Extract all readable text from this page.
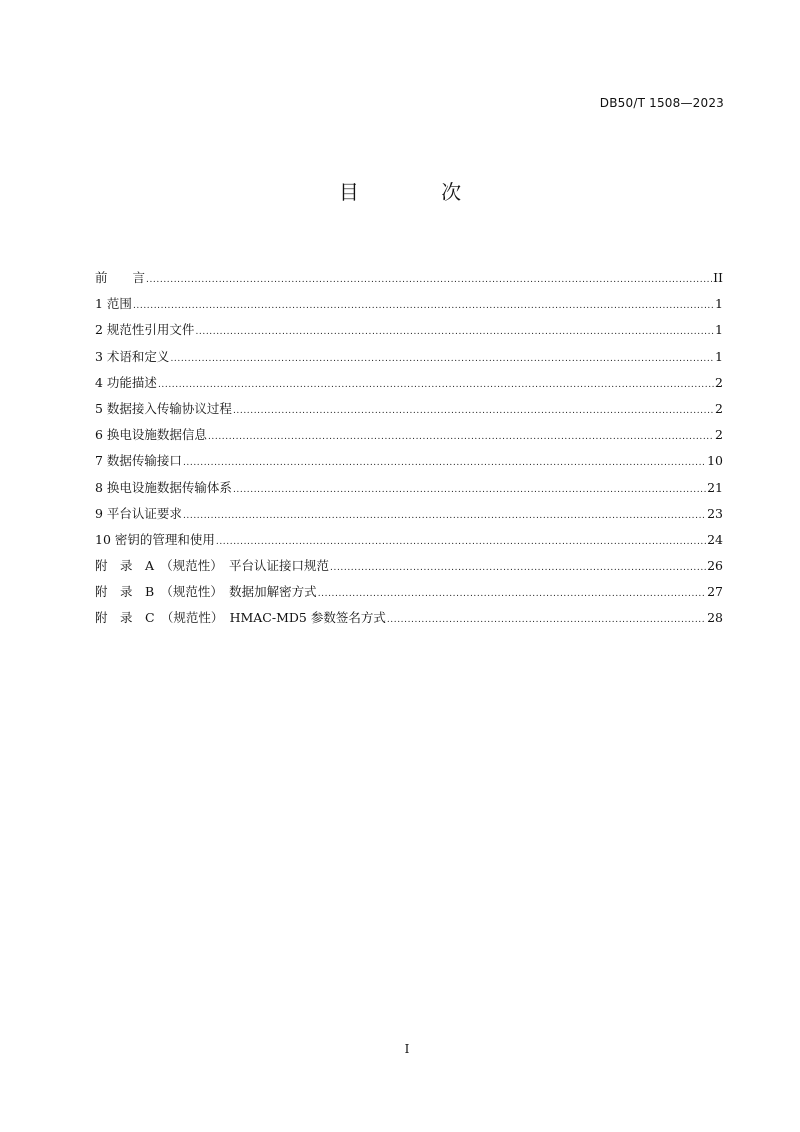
DB50/T 1508—2023
目 次
前　　言 .....	II
1 范围 .....	1
2 规范性引用文件 .....	1
3 术语和定义 .....	1
4 功能描述 .....	2
5 数据接入传输协议过程 .....	2
6 换电设施数据信息 .....	2
7 数据传输接口 .....	10
8 换电设施数据传输体系 .....	21
9 平台认证要求 .....	23
10 密钥的管理和使用 .....	24
附　录　A　（规范性）　平台认证接口规范 .....	26
附　录　B　（规范性）　数据加解密方式 .....	27
附　录　C　（规范性）　HMAC-MD5 参数签名方式 .....	28
I
